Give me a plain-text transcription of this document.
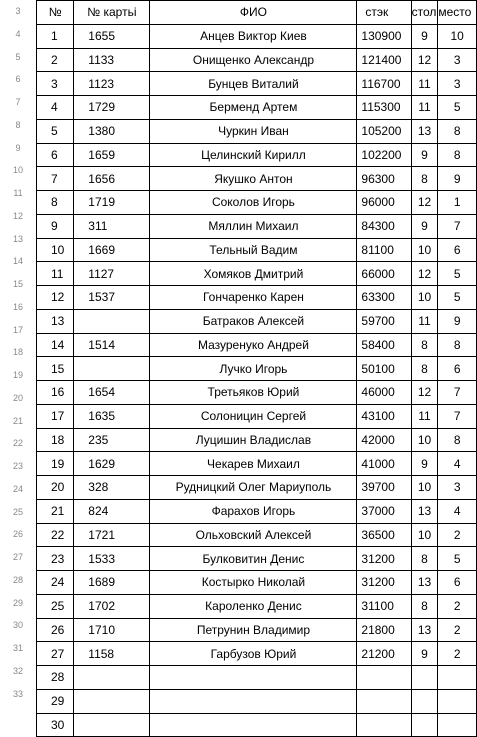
3
4
5
6
7
8
9
10
11
12
13
14
15
16
17
18
19
20
21
22
23
24
25
26
27
28
29
30
31
32
33
№	№ картьі	ФИО	стэк	стол	место
1	1655	Анцев Виктор Киев	130900	9	10
2	1133	Онищенко Александр	121400	12	3
3	1123	Бунцев Виталий	116700	11	3
4	1729	Берменд Артем	115300	11	5
5	1380	Чуркин Иван	105200	13	8
6	1659	Целинский Кирилл	102200	9	8
7	1656	Якушко Антон	96300	8	9
8	1719	Соколов Игорь	96000	12	1
9	311	Мяллин Михаил	84300	9	7
10	1669	Тельный Вадим	81100	10	6
11	1127	Хомяков Дмитрий	66000	12	5
12	1537	Гончаренко Карен	63300	10	5
13		Батраков Алексей	59700	11	9
14	1514	Мазуренуко Андрей	58400	8	8
15		Лучко Игорь	50100	8	6
16	1654	Третьяков Юрий	46000	12	7
17	1635	Солоницин Сергей	43100	11	7
18	235	Луцишин Владислав	42000	10	8
19	1629	Чекарев Михаил	41000	9	4
20	328	Рудницкий Олег Мариуполь	39700	10	3
21	824	Фарахов Игорь	37000	13	4
22	1721	Ольховский Алексей	36500	10	2
23	1533	Булковитин Денис	31200	8	5
24	1689	Костырко Николай	31200	13	6
25	1702	Кароленко Денис	31100	8	2
26	1710	Петрунин Владимир	21800	13	2
27	1158	Гарбузов Юрий	21200	9	2
28					
29					
30					
